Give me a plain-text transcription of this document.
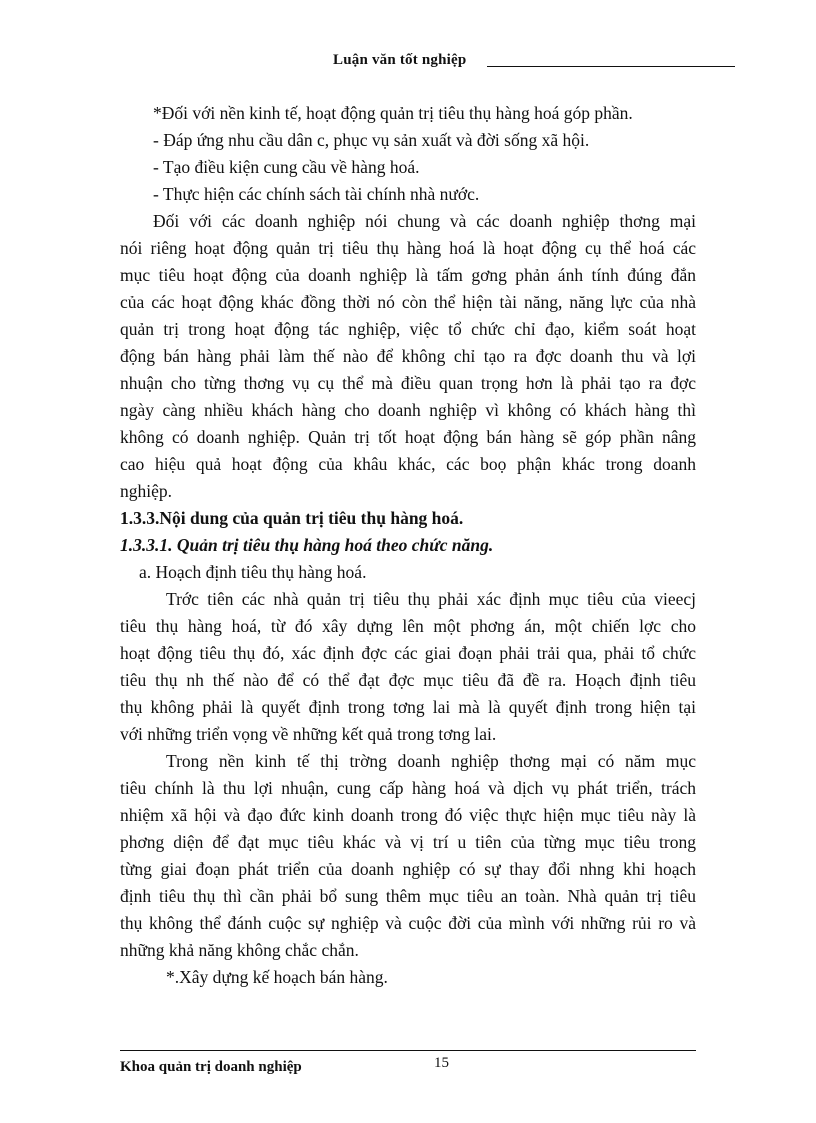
Luận văn tốt nghiệp
*Đối với nền kinh tế, hoạt động quản trị tiêu thụ hàng hoá góp phần.
- Đáp ứng nhu cầu dân c, phục vụ sản xuất và đời sống xã hội.
- Tạo điều kiện cung cầu về hàng hoá.
- Thực hiện các chính sách tài chính nhà nước.
Đối với các doanh nghiệp nói chung và các doanh nghiệp thơng mại
nói riêng hoạt động quản trị tiêu thụ hàng hoá là hoạt động cụ thể hoá các
mục tiêu hoạt động của doanh nghiệp là tấm gơng phản ánh tính đúng đắn
của các hoạt động khác đồng thời nó còn thể hiện tài năng, năng lực của nhà
quản trị trong hoạt động tác nghiệp, việc tổ chức chỉ đạo, kiểm soát hoạt
động bán hàng phải làm thế nào để không chỉ tạo ra đợc doanh thu và lợi
nhuận cho từng thơng vụ cụ thể mà điều quan trọng hơn là phải tạo ra đợc
ngày càng nhiều khách hàng cho doanh nghiệp vì không có khách hàng thì
không có doanh nghiệp. Quản trị tốt hoạt động bán hàng sẽ góp phần nâng
cao hiệu quả hoạt động của khâu khác, các boọ phận khác trong doanh
nghiệp.
1.3.3.Nội dung của quản trị tiêu thụ hàng hoá.
1.3.3.1. Quản trị tiêu thụ hàng hoá theo chức năng.
a. Hoạch định tiêu thụ hàng hoá.
Trớc tiên các nhà quản trị tiêu thụ phải xác định mục tiêu của vieecj
tiêu thụ hàng hoá, từ đó xây dựng lên một phơng án, một chiến lợc cho
hoạt động tiêu thụ đó, xác định đợc các giai đoạn phải trải qua, phải tổ chức
tiêu thụ nh thế nào để có thể đạt đợc mục tiêu đã đề ra. Hoạch định tiêu
thụ không phải là quyết định trong tơng lai mà là quyết định trong hiện tại
với những triển vọng về những kết quả trong tơng lai.
Trong nền kinh tế thị trờng doanh nghiệp thơng mại có năm mục
tiêu chính là thu lợi nhuận, cung cấp hàng hoá và dịch vụ phát triển, trách
nhiệm xã hội và đạo đức kinh doanh trong đó việc thực hiện mục tiêu này là
phơng diện để đạt mục tiêu khác và vị trí u tiên của từng mục tiêu trong
từng giai đoạn phát triển của doanh nghiệp có sự thay đổi nhng khi hoạch
định tiêu thụ thì cần phải bổ sung thêm mục tiêu an toàn. Nhà quản trị tiêu
thụ không thể đánh cuộc sự nghiệp và cuộc đời của mình với những rủi ro và
những khả năng không chắc chắn.
*.Xây dựng kế hoạch bán hàng.
Khoa quản trị doanh nghiệp	15
